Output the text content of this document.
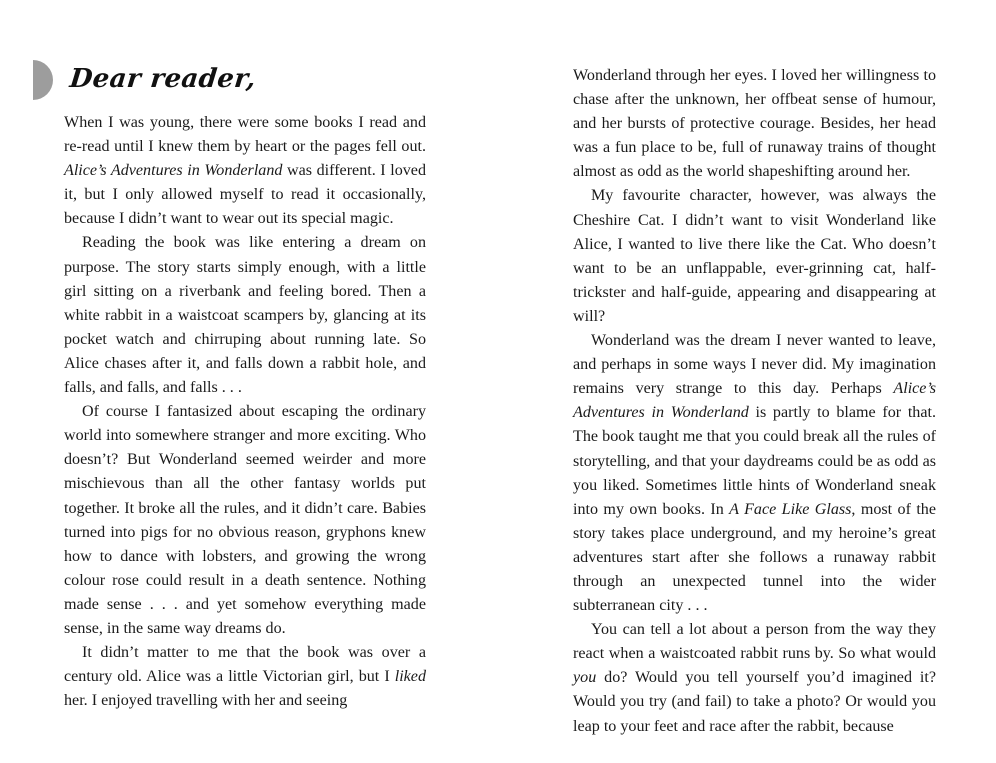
Dear reader,

When I was young, there were some books I read and re-read until I knew them by heart or the pages fell out. Alice’s Adventures in Wonderland was different. I loved it, but I only allowed myself to read it occasionally, because I didn’t want to wear out its special magic.

Reading the book was like entering a dream on purpose. The story starts simply enough, with a little girl sitting on a riverbank and feeling bored. Then a white rabbit in a waistcoat scampers by, glancing at its pocket watch and chirruping about running late. So Alice chases after it, and falls down a rabbit hole, and falls, and falls, and falls . . .

Of course I fantasized about escaping the ordinary world into somewhere stranger and more exciting. Who doesn’t? But Wonderland seemed weirder and more mischievous than all the other fantasy worlds put together. It broke all the rules, and it didn’t care. Babies turned into pigs for no obvious reason, gryphons knew how to dance with lobsters, and growing the wrong colour rose could result in a death sentence. Nothing made sense . . . and yet somehow everything made sense, in the same way dreams do.

It didn’t matter to me that the book was over a century old. Alice was a little Victorian girl, but I liked her. I enjoyed travelling with her and seeing

Wonderland through her eyes. I loved her willingness to chase after the unknown, her offbeat sense of humour, and her bursts of protective courage. Besides, her head was a fun place to be, full of runaway trains of thought almost as odd as the world shapeshifting around her.

My favourite character, however, was always the Cheshire Cat. I didn’t want to visit Wonderland like Alice, I wanted to live there like the Cat. Who doesn’t want to be an unflappable, ever-grinning cat, half-trickster and half-guide, appearing and disappearing at will?

Wonderland was the dream I never wanted to leave, and perhaps in some ways I never did. My imagination remains very strange to this day. Perhaps Alice’s Adventures in Wonderland is partly to blame for that. The book taught me that you could break all the rules of storytelling, and that your daydreams could be as odd as you liked. Sometimes little hints of Wonderland sneak into my own books. In A Face Like Glass, most of the story takes place underground, and my heroine’s great adventures start after she follows a runaway rabbit through an unexpected tunnel into the wider subterranean city . . .

You can tell a lot about a person from the way they react when a waistcoated rabbit runs by. So what would you do? Would you tell yourself you’d imagined it? Would you try (and fail) to take a photo? Or would you leap to your feet and race after the rabbit, because
